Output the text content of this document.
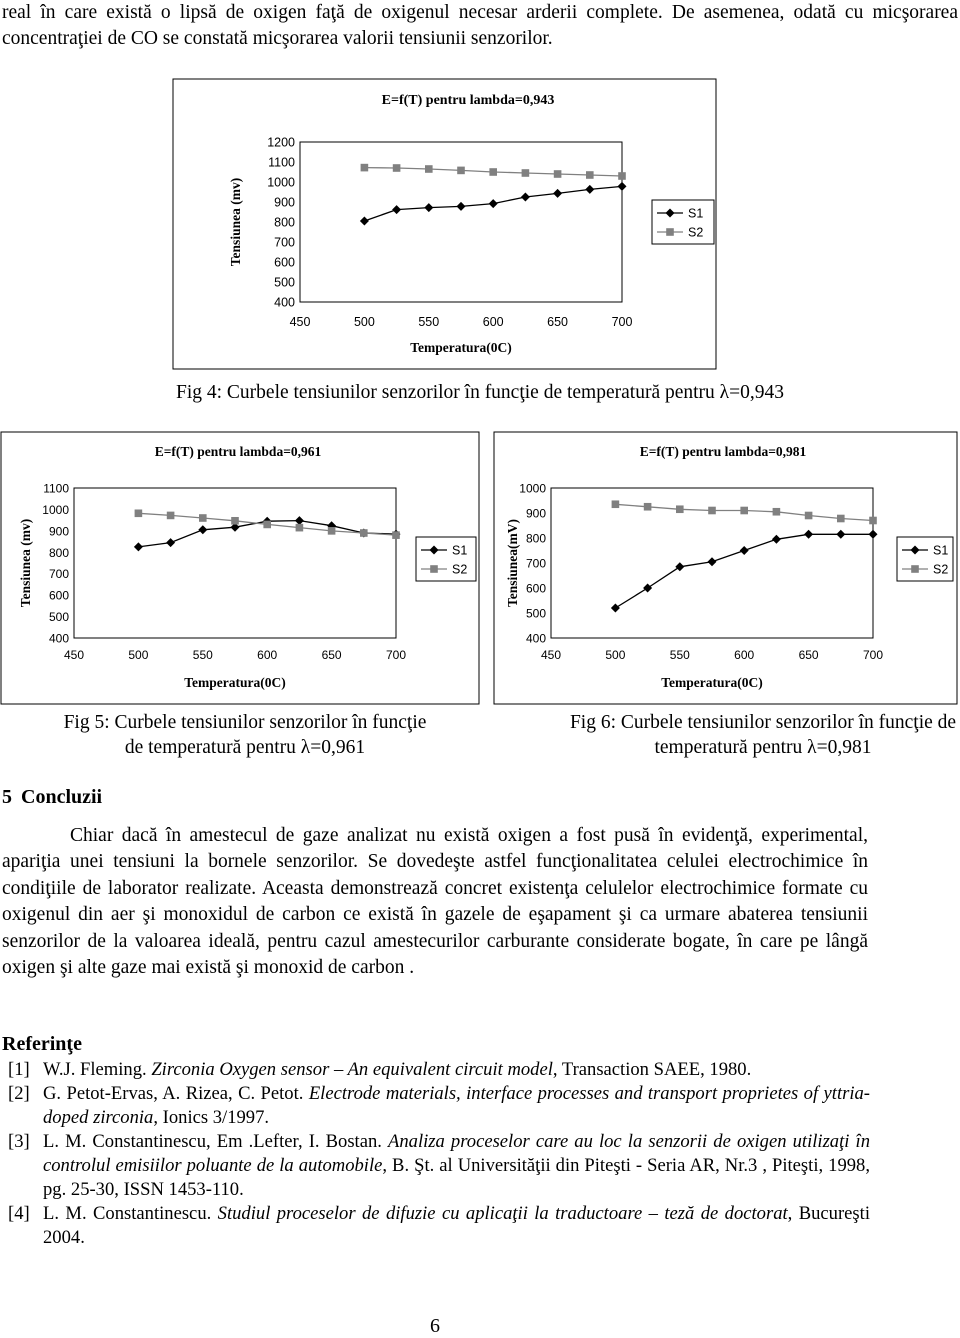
real în care există o lipsă de oxigen faţă de oxigenul necesar arderii complete. De asemenea, odată cu micşorarea concentraţiei de CO se constată micşorarea valorii tensiunii senzorilor.

E=f(T) pentru lambda=0,943
400
500
600
700
800
900
1000
1100
1200
450	500	550	600	650	700
Tensiunea (mv)
Temperatura(0C)
S1
S2

Fig 4: Curbele tensiunilor senzorilor în funcţie de temperatură pentru λ=0,943

E=f(T) pentru lambda=0,961
400
500
600
700
800
900
1000
1100
450	500	550	600	650	700
Tensiunea (mv)
Temperatura(0C)
S1
S2

Fig 5: Curbele tensiunilor senzorilor în funcţie de temperatură pentru λ=0,961

E=f(T) pentru lambda=0,981
400
500
600
700
800
900
1000
450	500	550	600	650	700
Tensiunea(mV)
Temperatura(0C)
S1
S2

Fig 6: Curbele tensiunilor senzorilor în funcţie de temperatură pentru λ=0,981

5 Concluzii

Chiar dacă în amestecul de gaze analizat nu există oxigen a fost pusă în evidenţă, experimental, apariţia unei tensiuni la bornele senzorilor. Se dovedeşte astfel funcţionalitatea celulei electrochimice în condiţiile de laborator realizate. Aceasta demonstrează concret existenţa celulelor electrochimice formate cu oxigenul din aer şi monoxidul de carbon ce există în gazele de eşapament şi ca urmare abaterea tensiunii senzorilor de la valoarea ideală, pentru cazul amestecurilor carburante considerate bogate, în care pe lângă oxigen şi alte gaze mai există şi monoxid de carbon .

Referinţe

[1] W.J. Fleming. Zirconia Oxygen sensor – An equivalent circuit model, Transaction SAEE, 1980.
[2] G. Petot-Ervas, A. Rizea, C. Petot. Electrode materials, interface processes and transport proprietes of yttria-doped zirconia, Ionics 3/1997.
[3] L. M. Constantinescu, Em .Lefter, I. Bostan. Analiza proceselor care au loc la senzorii de oxigen utilizaţi în controlul emisiilor poluante de la automobile, B. Şt. al Universităţii din Piteşti - Seria AR, Nr.3 , Piteşti, 1998, pg. 25-30, ISSN 1453-110.
[4] L. M. Constantinescu. Studiul proceselor de difuzie cu aplicaţii la traductoare – teză de doctorat, Bucureşti 2004.

6
